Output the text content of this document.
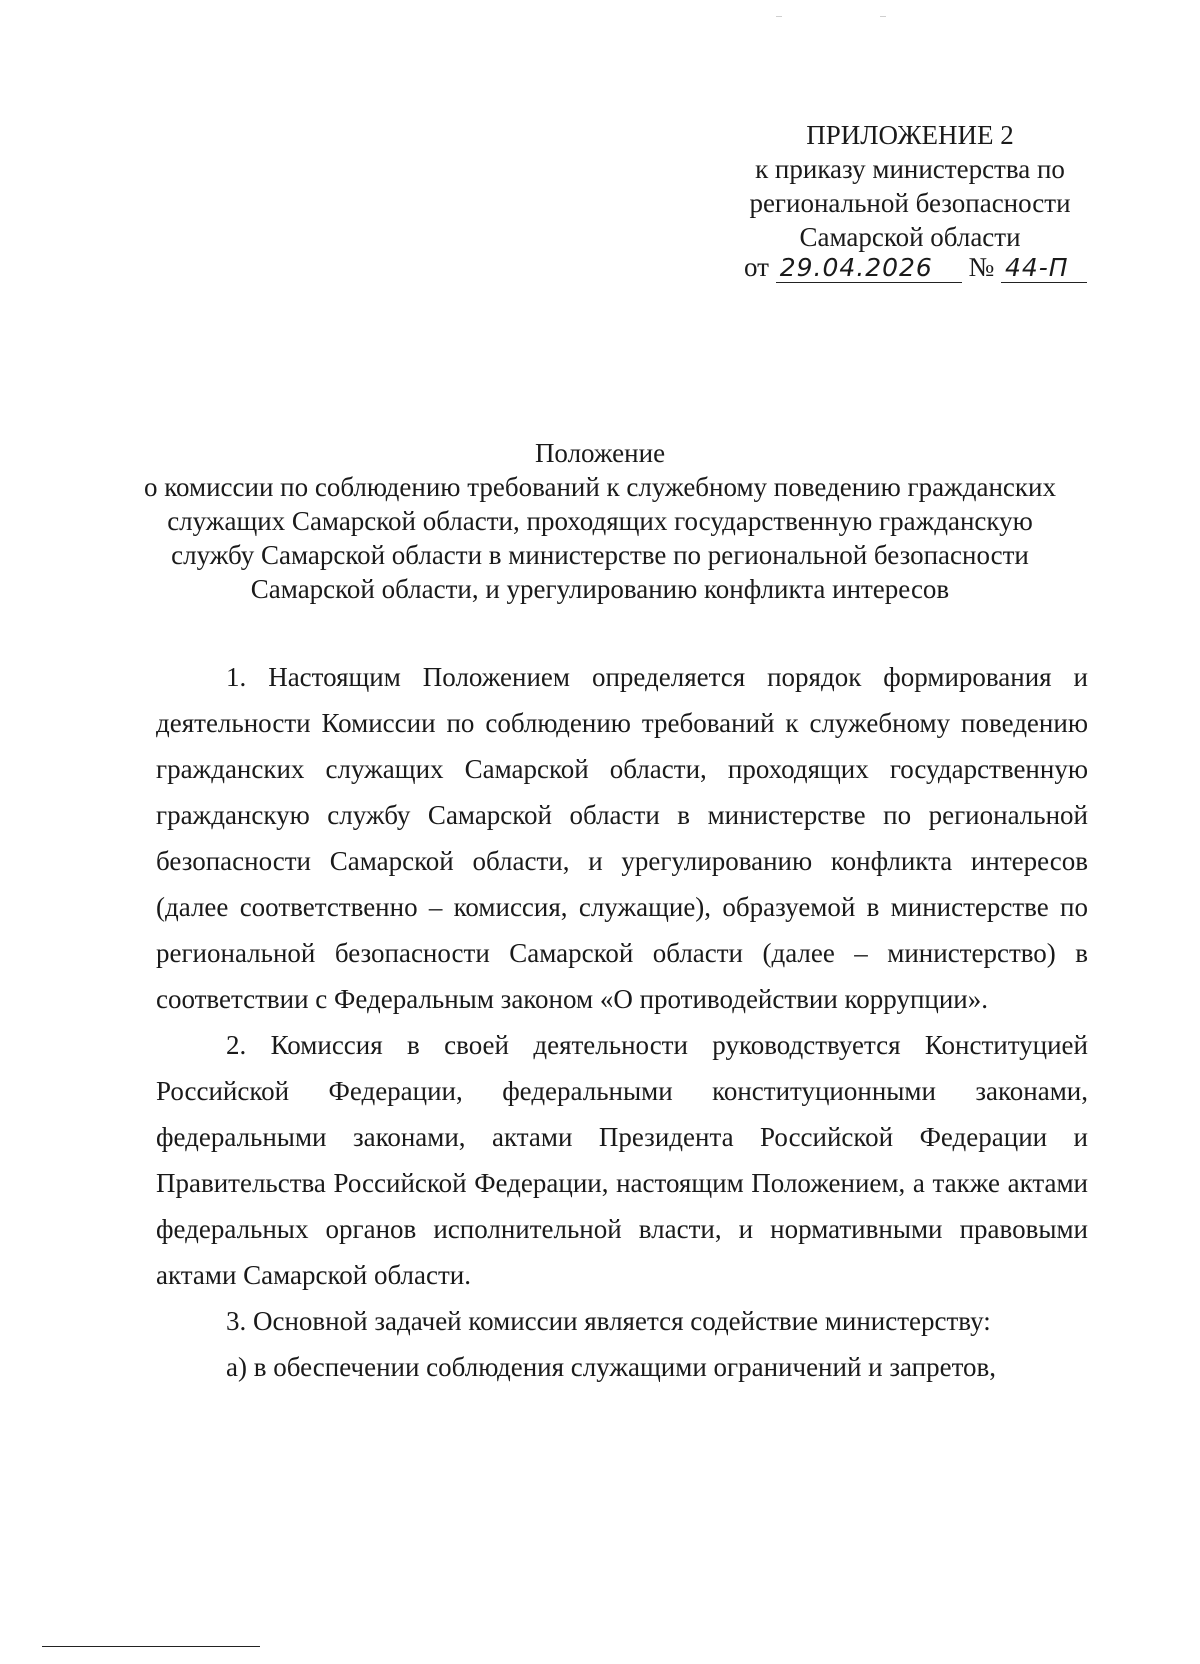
ПРИЛОЖЕНИЕ 2
к приказу министерства по
региональной безопасности
Самарской области
от 29.04.2026 № 44-П
Положение
о комиссии по соблюдению требований к служебному поведению гражданских
служащих Самарской области, проходящих государственную гражданскую
службу Самарской области в министерстве по региональной безопасности
Самарской области, и урегулированию конфликта интересов

1. Настоящим Положением определяется порядок формирования и деятельности Комиссии по соблюдению требований к служебному поведению гражданских служащих Самарской области, проходящих государственную гражданскую службу Самарской области в министерстве по региональной безопасности Самарской области, и урегулированию конфликта интересов (далее соответственно – комиссия, служащие), образуемой в министерстве по региональной безопасности Самарской области (далее – министерство) в соответствии с Федеральным законом «О противодействии коррупции».

2. Комиссия в своей деятельности руководствуется Конституцией Российской Федерации, федеральными конституционными законами, федеральными законами, актами Президента Российской Федерации и Правительства Российской Федерации, настоящим Положением, а также актами федеральных органов исполнительной власти, и нормативными правовыми актами Самарской области.

3. Основной задачей комиссии является содействие министерству:

а) в обеспечении соблюдения служащими ограничений и запретов,
